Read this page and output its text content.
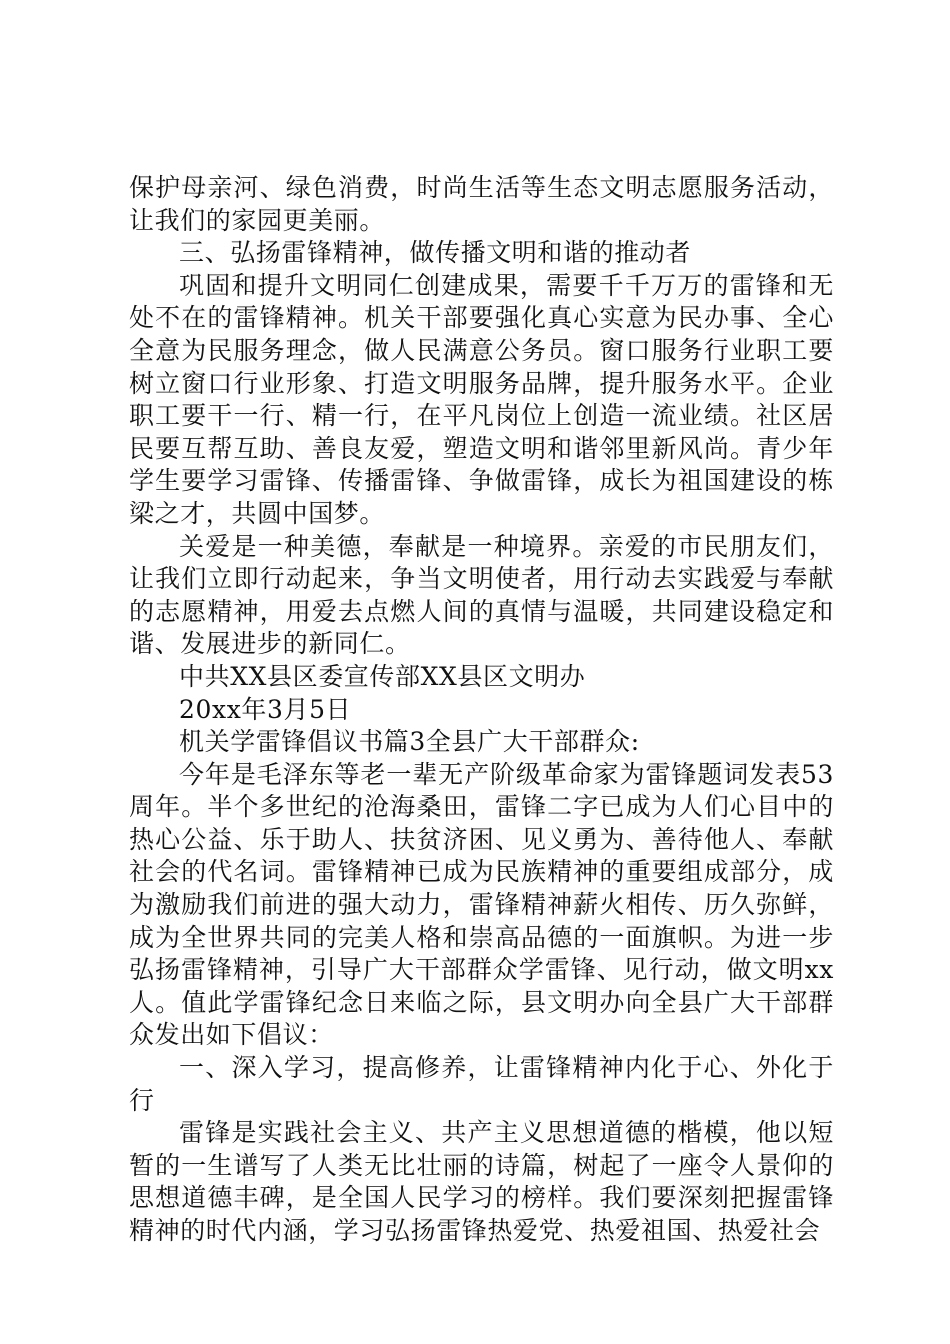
保护母亲河、绿色消费，时尚生活等生态文明志愿服务活动，让我们的家园更美丽。

三、弘扬雷锋精神，做传播文明和谐的推动者

巩固和提升文明同仁创建成果，需要千千万万的雷锋和无处不在的雷锋精神。机关干部要强化真心实意为民办事、全心全意为民服务理念，做人民满意公务员。窗口服务行业职工要树立窗口行业形象、打造文明服务品牌，提升服务水平。企业职工要干一行、精一行，在平凡岗位上创造一流业绩。社区居民要互帮互助、善良友爱，塑造文明和谐邻里新风尚。青少年学生要学习雷锋、传播雷锋、争做雷锋，成长为祖国建设的栋梁之才，共圆中国梦。

关爱是一种美德，奉献是一种境界。亲爱的市民朋友们，让我们立即行动起来，争当文明使者，用行动去实践爱与奉献的志愿精神，用爱去点燃人间的真情与温暖，共同建设稳定和谐、发展进步的新同仁。

中共XX县区委宣传部XX县区文明办

20xx年3月5日

机关学雷锋倡议书篇3全县广大干部群众:

今年是毛泽东等老一辈无产阶级革命家为雷锋题词发表53周年。半个多世纪的沧海桑田，雷锋二字已成为人们心目中的热心公益、乐于助人、扶贫济困、见义勇为、善待他人、奉献社会的代名词。雷锋精神已成为民族精神的重要组成部分，成为激励我们前进的强大动力，雷锋精神薪火相传、历久弥鲜，成为全世界共同的完美人格和崇高品德的一面旗帜。为进一步弘扬雷锋精神，引导广大干部群众学雷锋、见行动，做文明xx人。值此学雷锋纪念日来临之际，县文明办向全县广大干部群众发出如下倡议：

一、深入学习，提高修养，让雷锋精神内化于心、外化于行

雷锋是实践社会主义、共产主义思想道德的楷模，他以短暂的一生谱写了人类无比壮丽的诗篇，树起了一座令人景仰的思想道德丰碑，是全国人民学习的榜样。我们要深刻把握雷锋精神的时代内涵，学习弘扬雷锋热爱党、热爱祖国、热爱社会
